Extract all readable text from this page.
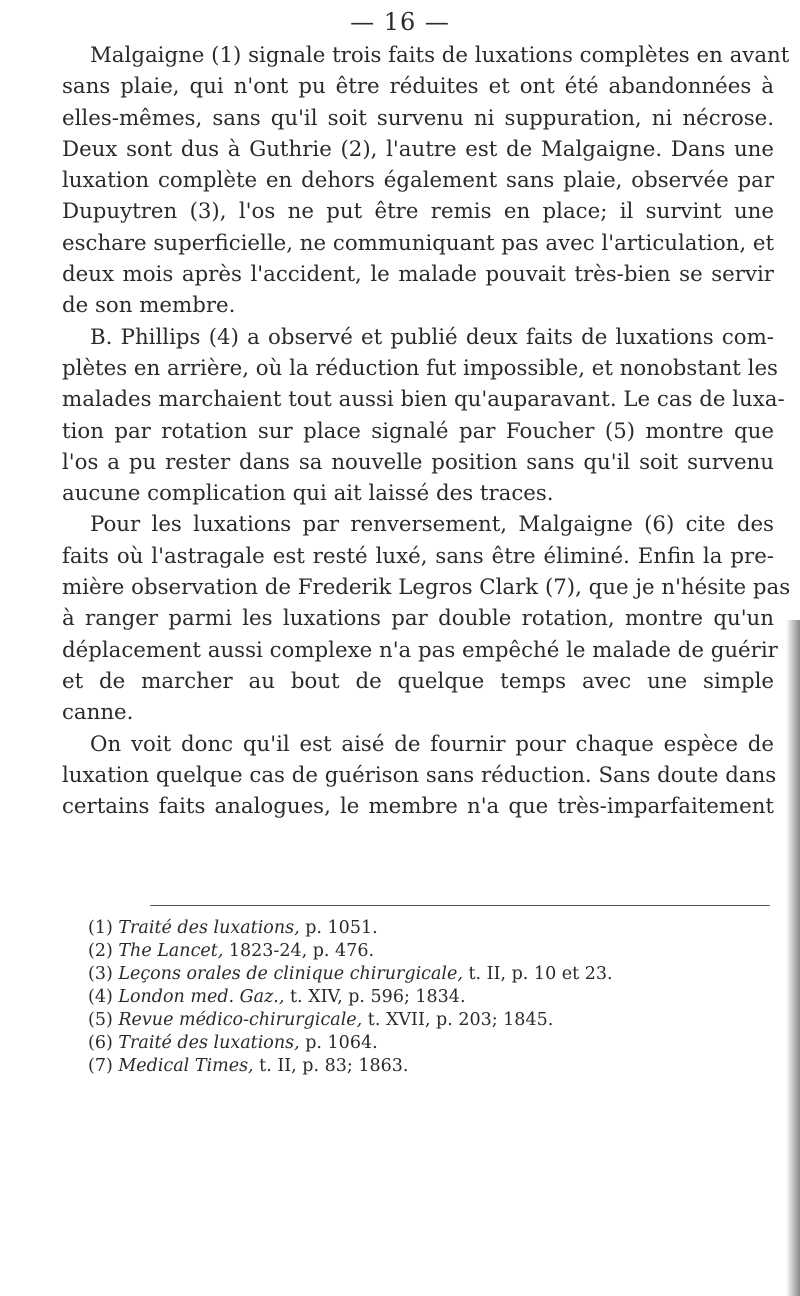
— 16 —
Malgaigne (1) signale trois faits de luxations complètes en avant
sans plaie, qui n'ont pu être réduites et ont été abandonnées à
elles-mêmes, sans qu'il soit survenu ni suppuration, ni nécrose.
Deux sont dus à Guthrie (2), l'autre est de Malgaigne. Dans une
luxation complète en dehors également sans plaie, observée par
Dupuytren (3), l'os ne put être remis en place; il survint une
eschare superficielle, ne communiquant pas avec l'articulation, et
deux mois après l'accident, le malade pouvait très-bien se servir
de son membre.
B. Phillips (4) a observé et publié deux faits de luxations com-
plètes en arrière, où la réduction fut impossible, et nonobstant les
malades marchaient tout aussi bien qu'auparavant. Le cas de luxa-
tion par rotation sur place signalé par Foucher (5) montre que
l'os a pu rester dans sa nouvelle position sans qu'il soit survenu
aucune complication qui ait laissé des traces.
Pour les luxations par renversement, Malgaigne (6) cite des
faits où l'astragale est resté luxé, sans être éliminé. Enfin la pre-
mière observation de Frederik Legros Clark (7), que je n'hésite pas
à ranger parmi les luxations par double rotation, montre qu'un
déplacement aussi complexe n'a pas empêché le malade de guérir
et de marcher au bout de quelque temps avec une simple
canne.
On voit donc qu'il est aisé de fournir pour chaque espèce de
luxation quelque cas de guérison sans réduction. Sans doute dans
certains faits analogues, le membre n'a que très-imparfaitement
(1) Traité des luxations, p. 1051.
(2) The Lancet, 1823-24, p. 476.
(3) Leçons orales de clinique chirurgicale, t. II, p. 10 et 23.
(4) London med. Gaz., t. XIV, p. 596; 1834.
(5) Revue médico-chirurgicale, t. XVII, p. 203; 1845.
(6) Traité des luxations, p. 1064.
(7) Medical Times, t. II, p. 83; 1863.
